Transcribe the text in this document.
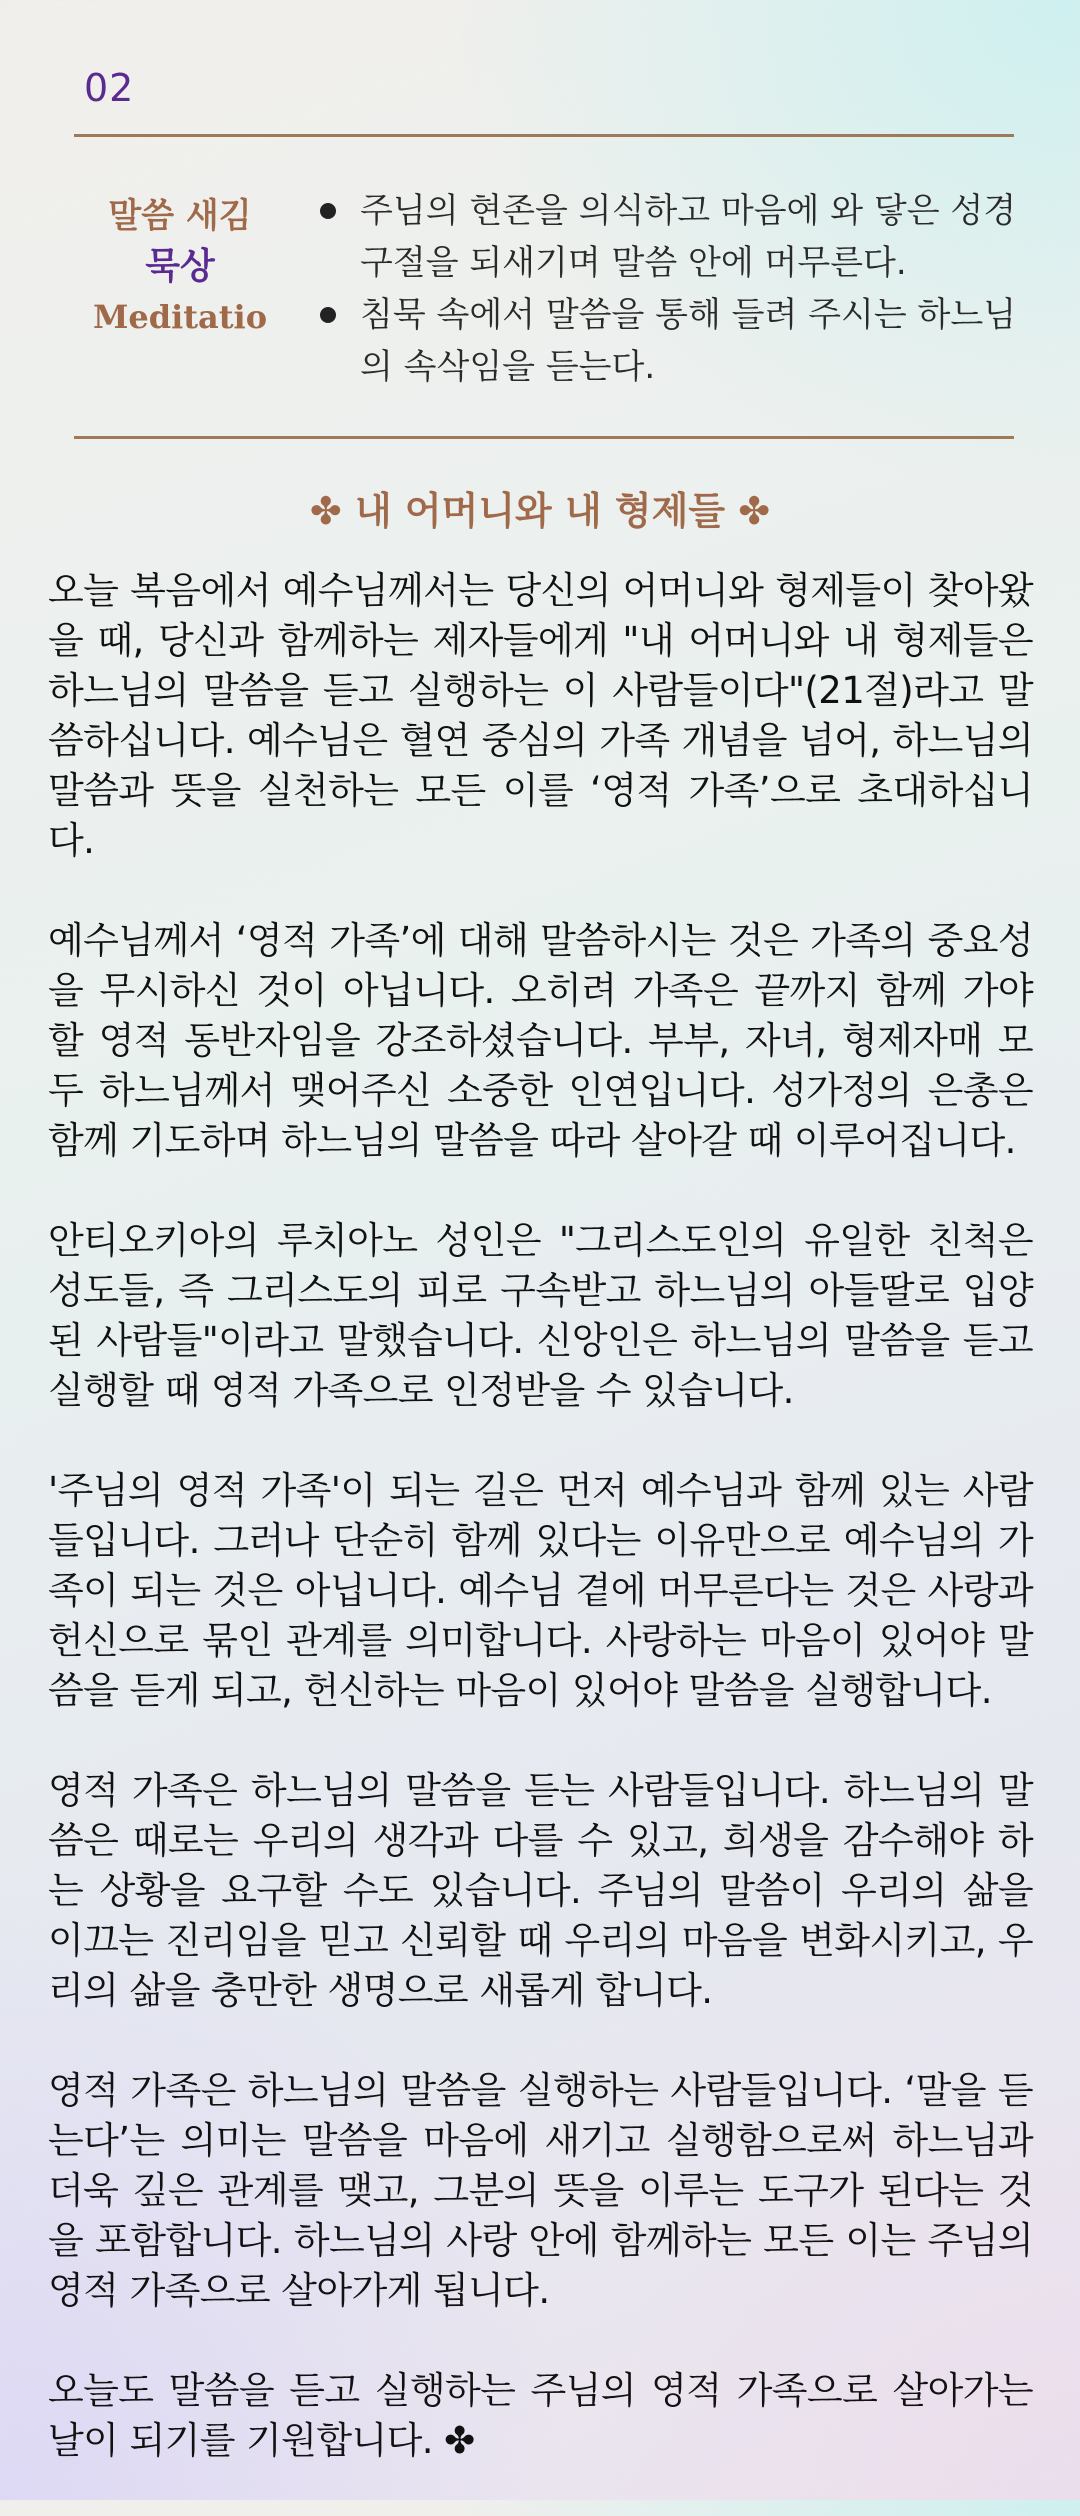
02
말씀 새김
묵상
Meditatio
주님의 현존을 의식하고 마음에 와 닿은 성경구절을 되새기며 말씀 안에 머무른다.
침묵 속에서 말씀을 통해 들려 주시는 하느님의 속삭임을 듣는다.
✤ 내 어머니와 내 형제들 ✤

오늘 복음에서 예수님께서는 당신의 어머니와 형제들이 찾아왔을 때, 당신과 함께하는 제자들에게 "내 어머니와 내 형제들은 하느님의 말씀을 듣고 실행하는 이 사람들이다"(21절)라고 말씀하십니다. 예수님은 혈연 중심의 가족 개념을 넘어, 하느님의 말씀과 뜻을 실천하는 모든 이를 ‘영적 가족’으로 초대하십니다.

예수님께서 ‘영적 가족’에 대해 말씀하시는 것은 가족의 중요성을 무시하신 것이 아닙니다. 오히려 가족은 끝까지 함께 가야 할 영적 동반자임을 강조하셨습니다. 부부, 자녀, 형제자매 모두 하느님께서 맺어주신 소중한 인연입니다. 성가정의 은총은 함께 기도하며 하느님의 말씀을 따라 살아갈 때 이루어집니다.

안티오키아의 루치아노 성인은 "그리스도인의 유일한 친척은 성도들, 즉 그리스도의 피로 구속받고 하느님의 아들딸로 입양된 사람들"이라고 말했습니다. 신앙인은 하느님의 말씀을 듣고 실행할 때 영적 가족으로 인정받을 수 있습니다.

'주님의 영적 가족'이 되는 길은 먼저 예수님과 함께 있는 사람들입니다. 그러나 단순히 함께 있다는 이유만으로 예수님의 가족이 되는 것은 아닙니다. 예수님 곁에 머무른다는 것은 사랑과 헌신으로 묶인 관계를 의미합니다. 사랑하는 마음이 있어야 말씀을 듣게 되고, 헌신하는 마음이 있어야 말씀을 실행합니다.

영적 가족은 하느님의 말씀을 듣는 사람들입니다. 하느님의 말씀은 때로는 우리의 생각과 다를 수 있고, 희생을 감수해야 하는 상황을 요구할 수도 있습니다. 주님의 말씀이 우리의 삶을 이끄는 진리임을 믿고 신뢰할 때 우리의 마음을 변화시키고, 우리의 삶을 충만한 생명으로 새롭게 합니다.

영적 가족은 하느님의 말씀을 실행하는 사람들입니다. ‘말을 듣는다’는 의미는 말씀을 마음에 새기고 실행함으로써 하느님과 더욱 깊은 관계를 맺고, 그분의 뜻을 이루는 도구가 된다는 것을 포함합니다. 하느님의 사랑 안에 함께하는 모든 이는 주님의 영적 가족으로 살아가게 됩니다.

오늘도 말씀을 듣고 실행하는 주님의 영적 가족으로 살아가는 날이 되기를 기원합니다. ✤
